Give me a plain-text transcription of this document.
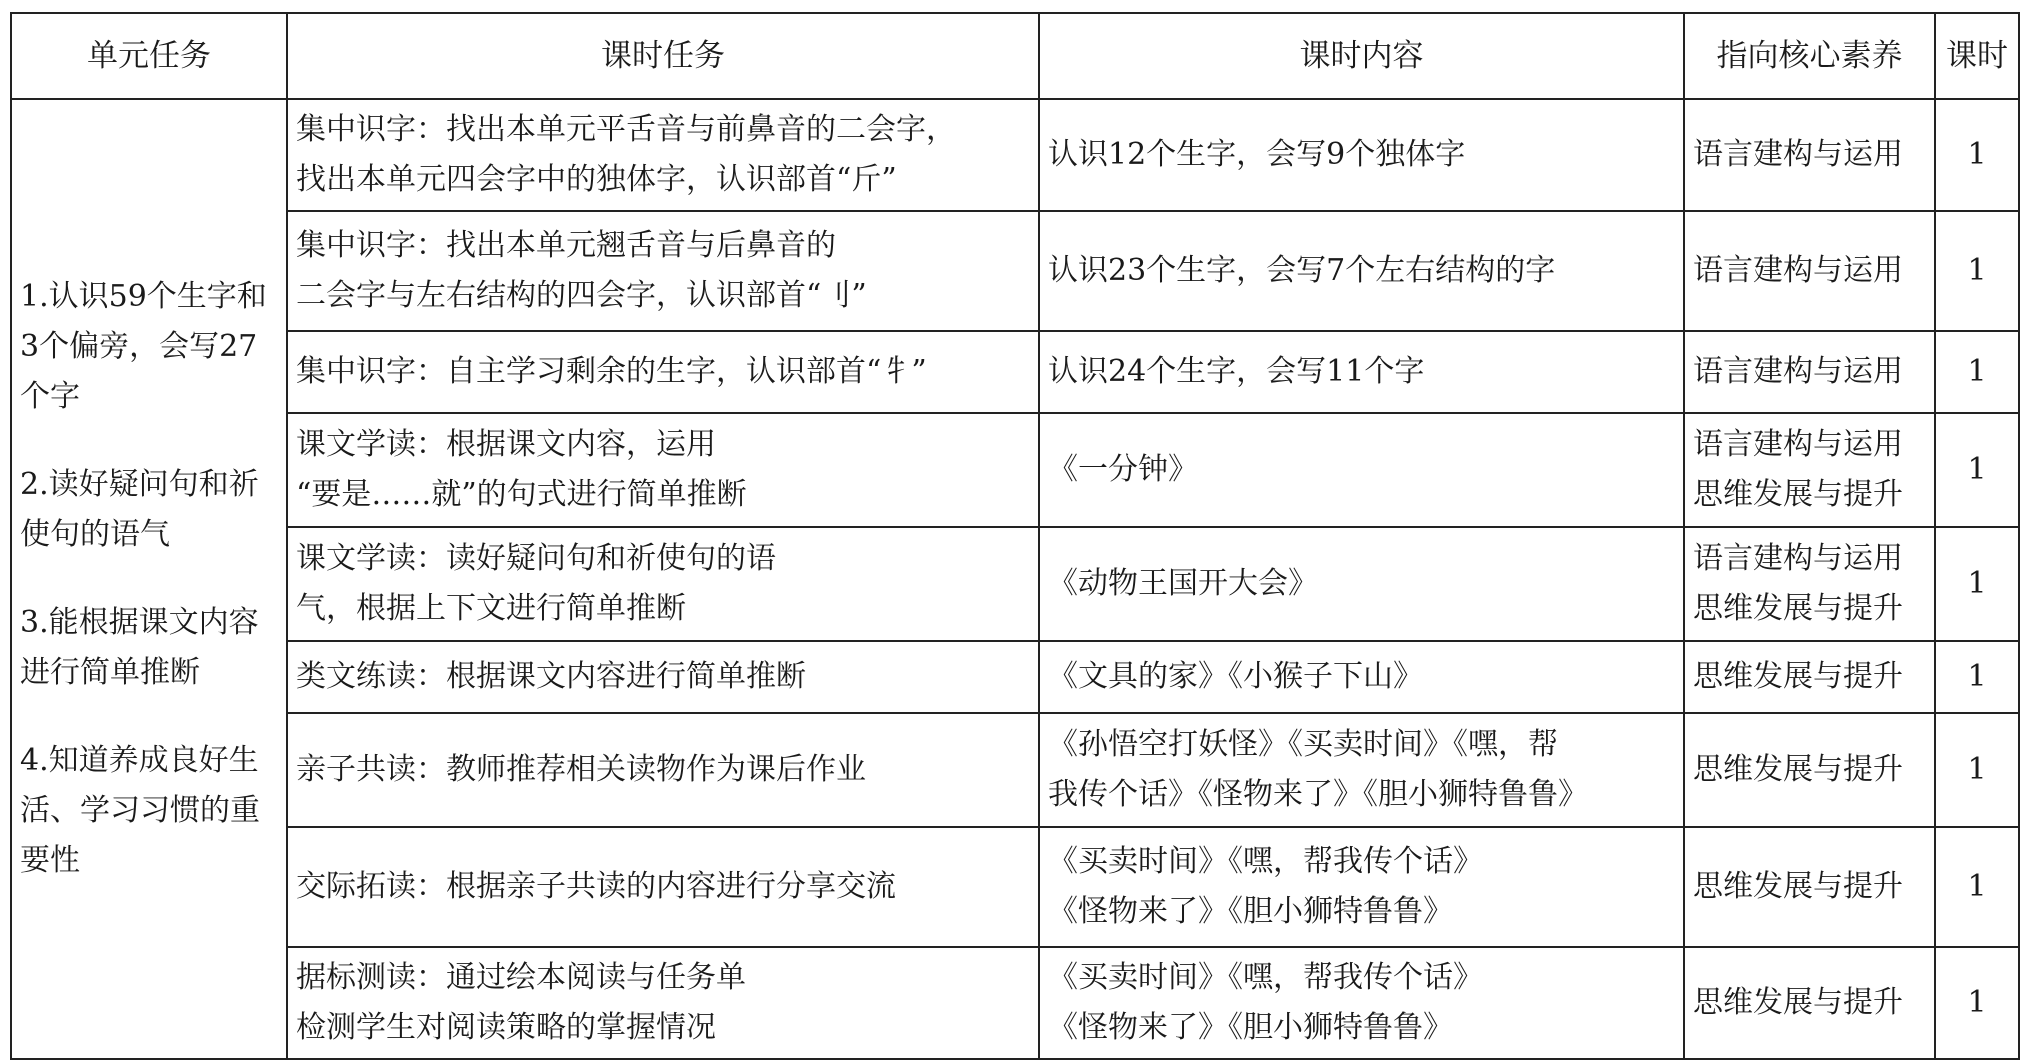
单元任务	课时任务	课时内容	指向核心素养	课时

1.认识59个生字和3个偏旁，会写27个字
2.读好疑问句和祈使句的语气
3.能根据课文内容进行简单推断
4.知道养成良好生活、学习习惯的重要性	集中识字：找出本单元平舌音与前鼻音的二会字，
找出本单元四会字中的独体字，认识部首“斤”	认识12个生字，会写9个独体字	语言建构与运用	1

	集中识字：找出本单元翘舌音与后鼻音的
二会字与左右结构的四会字，认识部首“刂”	认识23个生字，会写7个左右结构的字	语言建构与运用	1

	集中识字：自主学习剩余的生字，认识部首“牜”	认识24个生字，会写11个字	语言建构与运用	1

	课文学读：根据课文内容，运用
“要是……就”的句式进行简单推断	《一分钟》	语言建构与运用
思维发展与提升	1

	课文学读：读好疑问句和祈使句的语
气，根据上下文进行简单推断	《动物王国开大会》	语言建构与运用
思维发展与提升	1

	类文练读：根据课文内容进行简单推断	《文具的家》《小猴子下山》	思维发展与提升	1

	亲子共读：教师推荐相关读物作为课后作业	《孙悟空打妖怪》《买卖时间》《嘿，帮
我传个话》《怪物来了》《胆小狮特鲁鲁》	思维发展与提升	1

	交际拓读：根据亲子共读的内容进行分享交流	《买卖时间》《嘿，帮我传个话》
《怪物来了》《胆小狮特鲁鲁》	思维发展与提升	1

	据标测读：通过绘本阅读与任务单
检测学生对阅读策略的掌握情况	《买卖时间》《嘿，帮我传个话》
《怪物来了》《胆小狮特鲁鲁》	思维发展与提升	1
